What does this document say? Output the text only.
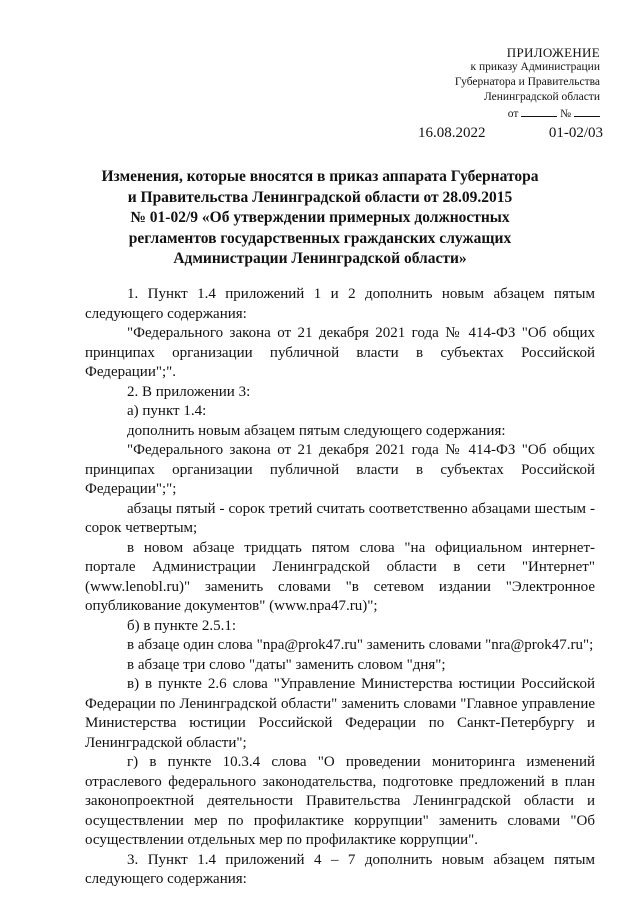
ПРИЛОЖЕНИЕ
к приказу Администрации
Губернатора и Правительства
Ленинградской области
от	№
16.08.2022	01-02/03
Изменения, которые вносятся в приказ аппарата Губернатора
и Правительства Ленинградской области от 28.09.2015
№ 01-02/9 «Об утверждении примерных должностных
регламентов государственных гражданских служащих
Администрации Ленинградской области»

1. Пункт 1.4 приложений 1 и 2 дополнить новым абзацем пятым следующего содержания:

"Федерального закона от 21 декабря 2021 года № 414-ФЗ "Об общих принципах организации публичной власти в субъектах Российской Федерации";".

2. В приложении 3:

а) пункт 1.4:

дополнить новым абзацем пятым следующего содержания:

"Федерального закона от 21 декабря 2021 года № 414-ФЗ "Об общих принципах организации публичной власти в субъектах Российской Федерации";";

абзацы пятый - сорок третий считать соответственно абзацами шестым - сорок четвертым;

в новом абзаце тридцать пятом слова "на официальном интернет-портале Администрации Ленинградской области в сети "Интернет" (www.lenobl.ru)" заменить словами "в сетевом издании "Электронное опубликование документов" (www.npa47.ru)";

б) в пункте 2.5.1:

в абзаце один слова "npa@prok47.ru" заменить словами "nra@prok47.ru";

в абзаце три слово "даты" заменить словом "дня";

в) в пункте 2.6 слова "Управление Министерства юстиции Российской Федерации по Ленинградской области" заменить словами "Главное управление Министерства юстиции Российской Федерации по Санкт-Петербургу и Ленинградской области";

г) в пункте 10.3.4 слова "О проведении мониторинга изменений отраслевого федерального законодательства, подготовке предложений в план законопроектной деятельности Правительства Ленинградской области и осуществлении мер по профилактике коррупции" заменить словами "Об осуществлении отдельных мер по профилактике коррупции".

3. Пункт 1.4 приложений 4 – 7 дополнить новым абзацем пятым следующего содержания:
